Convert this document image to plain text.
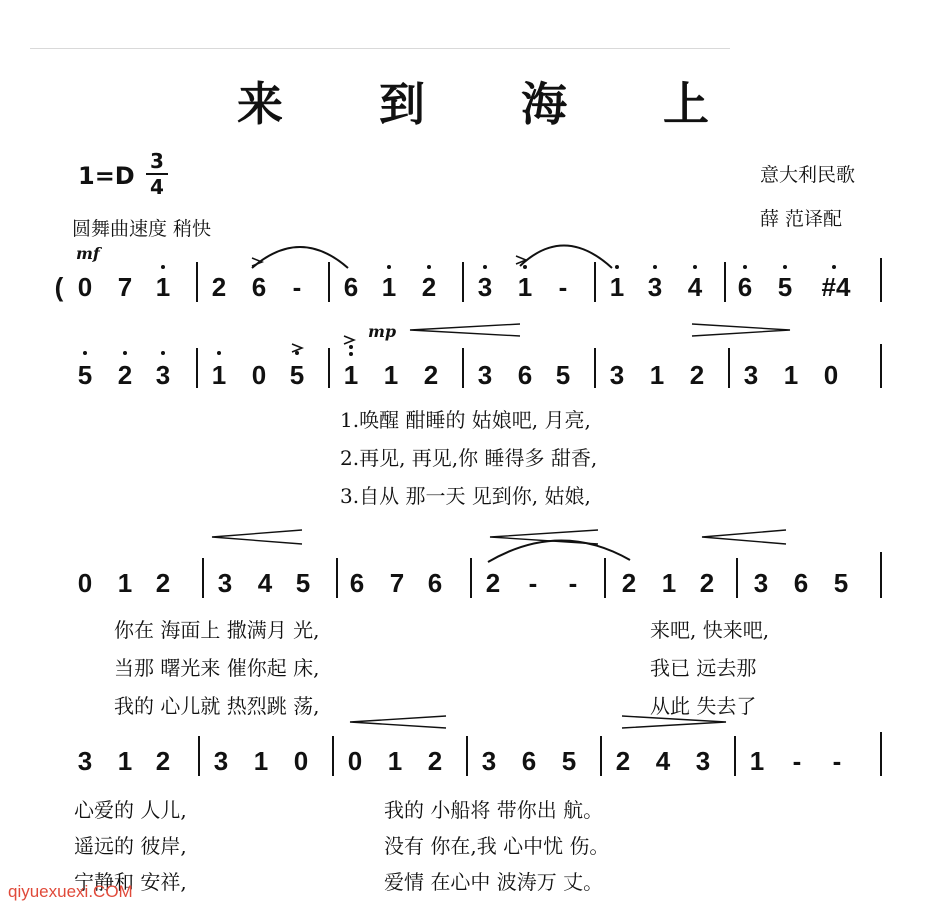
来 到 海 上
1=D
3
4
圆舞曲速度 稍快
意大利民歌
薛 范译配
mf
mp
( 0 7 1 2 6	-	6 1 2 3 1	-	1 3 4 6 5 #4
5 2 3 1 0 5 1 1 2 3 6 5 3 1 2 3 1 0
1.唤醒 酣睡的 姑娘吧, 月亮,
2.再见, 再见,你 睡得多 甜香,
3.自从 那一天 见到你, 姑娘,
0 1 2 3 4 5 6 7 6 2	-	-	2 1 2 3 6 5
你在 海面上 撒满月 光,	来吧, 快来吧,
当那 曙光来 催你起 床,	我已 远去那
我的 心儿就 热烈跳 荡,	从此 失去了
3 1 2 3 1 0 0 1 2 3 6 5 2 4 3 1	-	-
心爱的 人儿,	我的 小船将 带你出 航。
遥远的 彼岸,	没有 你在,我 心中忧 伤。
宁静和 安祥,	爱情 在心中 波涛万 丈。
qiyuexuexi.COM
